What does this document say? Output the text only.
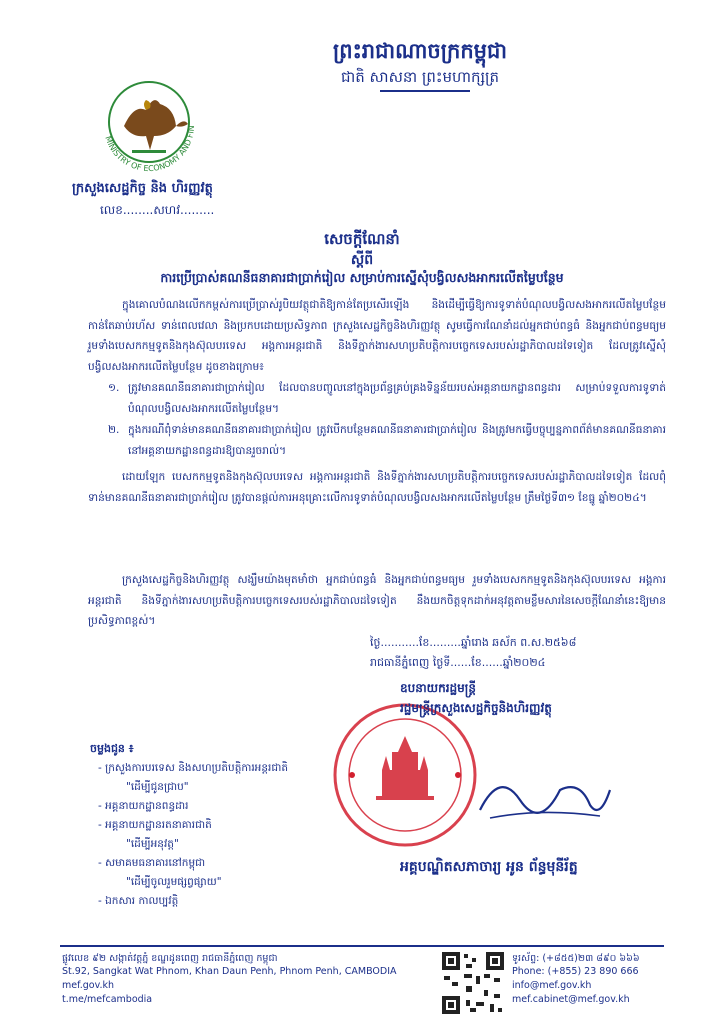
ព្រះរាជាណាចក្រកម្ពុជា
ជាតិ សាសនា ព្រះមហាក្សត្រ
MINISTRY OF ECONOMY AND FIN
ក្រសួងសេដ្ឋកិច្ច និង ហិរញ្ញវត្ថុ
លេខ........សហវ.........
សេចក្តីណែនាំ
ស្តីពី
ការប្រើប្រាស់គណនីធនាគារជាប្រាក់រៀល សម្រាប់ការស្នើសុំបង្វិលសងអាករលើតម្លៃបន្ថែម
ក្នុងគោលបំណងលើកកម្ពស់ការប្រើប្រាស់រូបិយវត្ថុជាតិឱ្យកាន់តែប្រសើរឡើង និងដើម្បីធ្វើឱ្យការទូទាត់បំណុលបង្វិលសងអាករលើតម្លៃបន្ថែមកាន់តែឆាប់រហ័ស ទាន់ពេលវេលា និងប្រកបដោយប្រសិទ្ធភាព ក្រសួងសេដ្ឋកិច្ចនិងហិរញ្ញវត្ថុ សូមធ្វើការណែនាំដល់អ្នកជាប់ពន្ធធំ និងអ្នកជាប់ពន្ធមធ្យម រួមទាំងបេសកកម្មទូតនិងកុងស៊ុលបរទេស អង្គការអន្តរជាតិ និងទីភ្នាក់ងារសហប្រតិបត្តិការបច្ចេកទេសរបស់រដ្ឋាភិបាលដទៃទៀត ដែលត្រូវស្នើសុំបង្វិលសងអាករលើតម្លៃបន្ថែម ដូចខាងក្រោម៖
១. ត្រូវមានគណនីធនាគារជាប្រាក់រៀល ដែលបានបញ្ចូលនៅក្នុងប្រព័ន្ធគ្រប់គ្រងទិន្នន័យរបស់អគ្គនាយកដ្ឋានពន្ធដារ សម្រាប់ទទួលការទូទាត់បំណុលបង្វិលសងអាករលើតម្លៃបន្ថែម។
២. ក្នុងករណីពុំទាន់មានគណនីធនាគារជាប្រាក់រៀល ត្រូវបើកបន្ថែមគណនីធនាគារជាប្រាក់រៀល និងត្រូវមកធ្វើបច្ចុប្បន្នភាពព័ត៌មានគណនីធនាគារ នៅអគ្គនាយកដ្ឋានពន្ធដារឱ្យបានរួចរាល់។
ដោយឡែក បេសកកម្មទូតនិងកុងស៊ុលបរទេស អង្គការអន្តរជាតិ និងទីភ្នាក់ងារសហប្រតិបត្តិការបច្ចេកទេសរបស់រដ្ឋាភិបាលដទៃទៀត ដែលពុំទាន់មានគណនីធនាគារជាប្រាក់រៀល ត្រូវបានផ្តល់ការអនុគ្រោះលើការទូទាត់បំណុលបង្វិលសងអាករលើតម្លៃបន្ថែម ត្រឹមថ្ងៃទី៣១ ខែធ្នូ ឆ្នាំ២០២៤។
ក្រសួងសេដ្ឋកិច្ចនិងហិរញ្ញវត្ថុ សង្ឃឹមយ៉ាងមុតមាំថា អ្នកជាប់ពន្ធធំ និងអ្នកជាប់ពន្ធមធ្យម រួមទាំងបេសកកម្មទូតនិងកុងស៊ុលបរទេស អង្គការអន្តរជាតិ និងទីភ្នាក់ងារសហប្រតិបត្តិការបច្ចេកទេសរបស់រដ្ឋាភិបាលដទៃទៀត នឹងយកចិត្តទុកដាក់អនុវត្តតាមខ្លឹមសារនៃសេចក្តីណែនាំនេះឱ្យមានប្រសិទ្ធភាពខ្ពស់។
ថ្ងៃ...........ខែ.........ឆ្នាំរោង ឆស័ក ព.ស.២៥៦៨
រាជធានីភ្នំពេញ ថ្ងៃទី......ខែ......ឆ្នាំ២០២៤
ឧបនាយករដ្ឋមន្ត្រី
រដ្ឋមន្ត្រីក្រសួងសេដ្ឋកិច្ចនិងហិរញ្ញវត្ថុ
អគ្គបណ្ឌិតសភាចារ្យ អូន ព័ន្ធមុនីរ័ត្ន
ចម្លងជូន ៖
- ក្រសួងការបរទេស និងសហប្រតិបត្តិការអន្តរជាតិ
"ដើម្បីជូនជ្រាប"
- អគ្គនាយកដ្ឋានពន្ធដារ
- អគ្គនាយកដ្ឋានរតនាគារជាតិ
"ដើម្បីអនុវត្ត"
- សមាគមធនាគារនៅកម្ពុជា
"ដើម្បីចូលរួមផ្សព្វផ្សាយ"
- ឯកសារ កាលប្បវត្តិ
ផ្លូវលេខ ៩២ សង្កាត់វត្តភ្នំ ខណ្ឌដូនពេញ រាជធានីភ្នំពេញ កម្ពុជា
St.92, Sangkat Wat Phnom, Khan Daun Penh, Phnom Penh, CAMBODIA
mef.gov.kh
t.me/mefcambodia
ទូរស័ព្ទ: (+៨៥៥)២៣ ៨៩០ ៦៦៦
Phone: (+855) 23 890 666
info@mef.gov.kh
mef.cabinet@mef.gov.kh
